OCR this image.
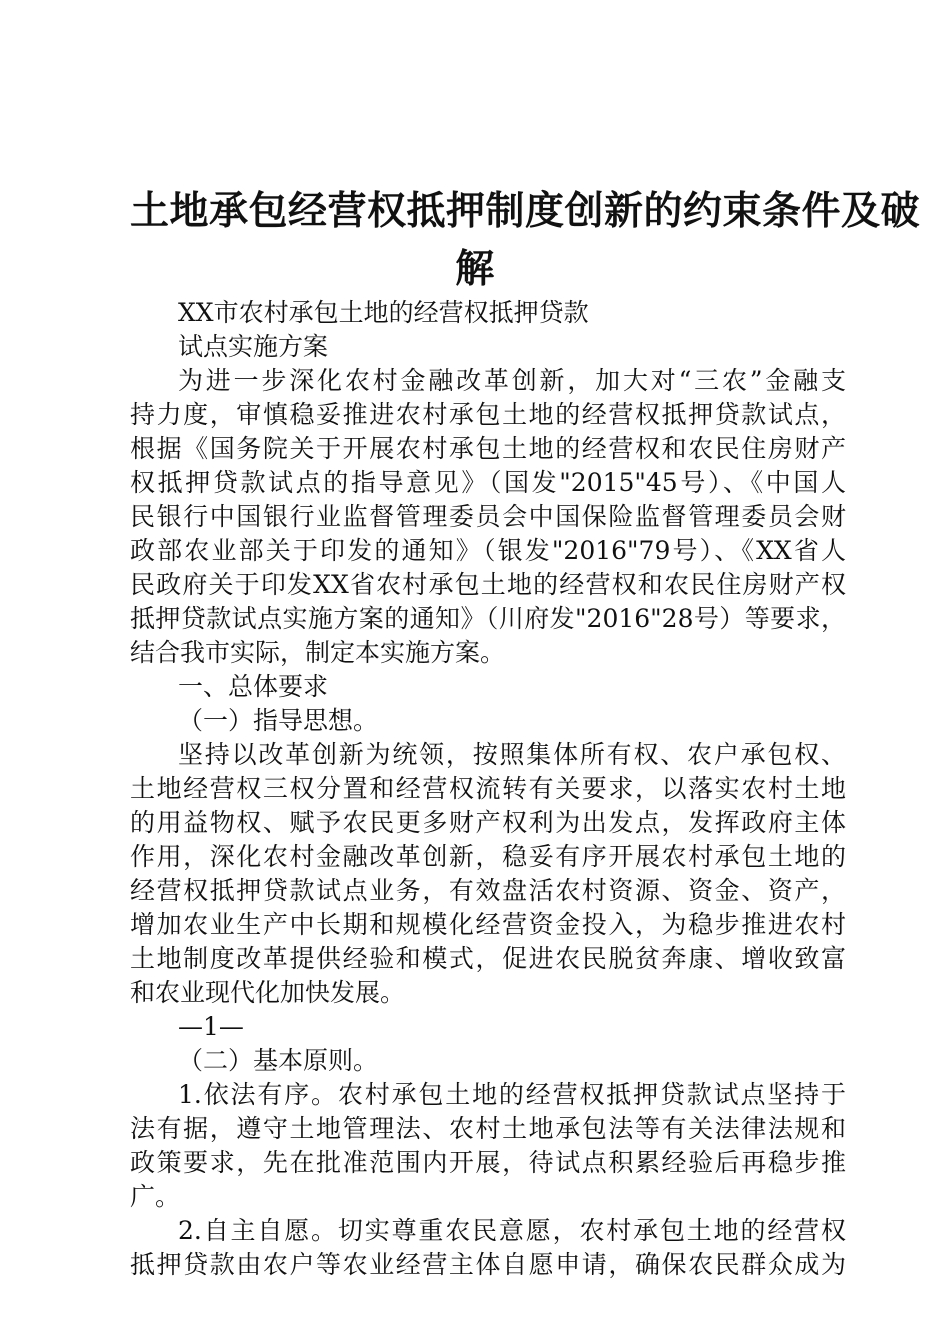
土地承包经营权抵押制度创新的约束条件及破
解
XX市农村承包土地的经营权抵押贷款
试点实施方案
为进一步深化农村金融改革创新，加大对“三农”金融支
持力度，审慎稳妥推进农村承包土地的经营权抵押贷款试点，
根据《国务院关于开展农村承包土地的经营权和农民住房财产
权抵押贷款试点的指导意见》（国发"2015"45号）、《中国人
民银行中国银行业监督管理委员会中国保险监督管理委员会财
政部农业部关于印发的通知》（银发"2016"79号）、《XX省人
民政府关于印发XX省农村承包土地的经营权和农民住房财产权
抵押贷款试点实施方案的通知》（川府发"2016"28号）等要求，
结合我市实际，制定本实施方案。
一、总体要求
（一）指导思想。
坚持以改革创新为统领，按照集体所有权、农户承包权、
土地经营权三权分置和经营权流转有关要求，以落实农村土地
的用益物权、赋予农民更多财产权利为出发点，发挥政府主体
作用，深化农村金融改革创新，稳妥有序开展农村承包土地的
经营权抵押贷款试点业务，有效盘活农村资源、资金、资产，
增加农业生产中长期和规模化经营资金投入，为稳步推进农村
土地制度改革提供经验和模式，促进农民脱贫奔康、增收致富
和农业现代化加快发展。
—1—
（二）基本原则。
1.依法有序。农村承包土地的经营权抵押贷款试点坚持于
法有据，遵守土地管理法、农村土地承包法等有关法律法规和
政策要求，先在批准范围内开展，待试点积累经验后再稳步推
广。
2.自主自愿。切实尊重农民意愿，农村承包土地的经营权
抵押贷款由农户等农业经营主体自愿申请，确保农民群众成为
